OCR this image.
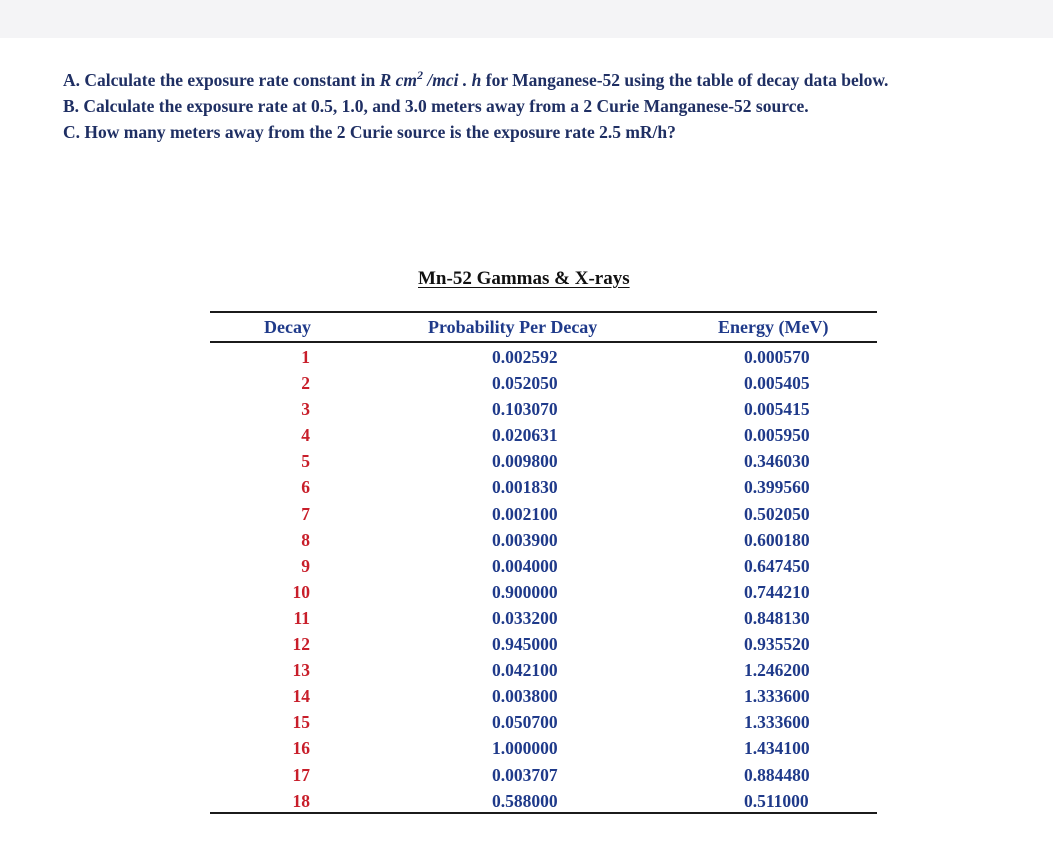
A. Calculate the exposure rate constant in R $cm^2$ /mci . h for Manganese-52 using the table of decay data below.

B. Calculate the exposure rate at 0.5, 1.0, and 3.0 meters away from a 2 Curie Manganese-52 source.

C. How many meters away from the 2 Curie source is the exposure rate 2.5 mR/h?

Mn-52 Gammas & X-rays
Decay	Probability Per Decay	Energy (MeV)
1	0.002592	0.000570
2	0.052050	0.005405
3	0.103070	0.005415
4	0.020631	0.005950
5	0.009800	0.346030
6	0.001830	0.399560
7	0.002100	0.502050
8	0.003900	0.600180
9	0.004000	0.647450
10	0.900000	0.744210
11	0.033200	0.848130
12	0.945000	0.935520
13	0.042100	1.246200
14	0.003800	1.333600
15	0.050700	1.333600
16	1.000000	1.434100
17	0.003707	0.884480
18	0.588000	0.511000
